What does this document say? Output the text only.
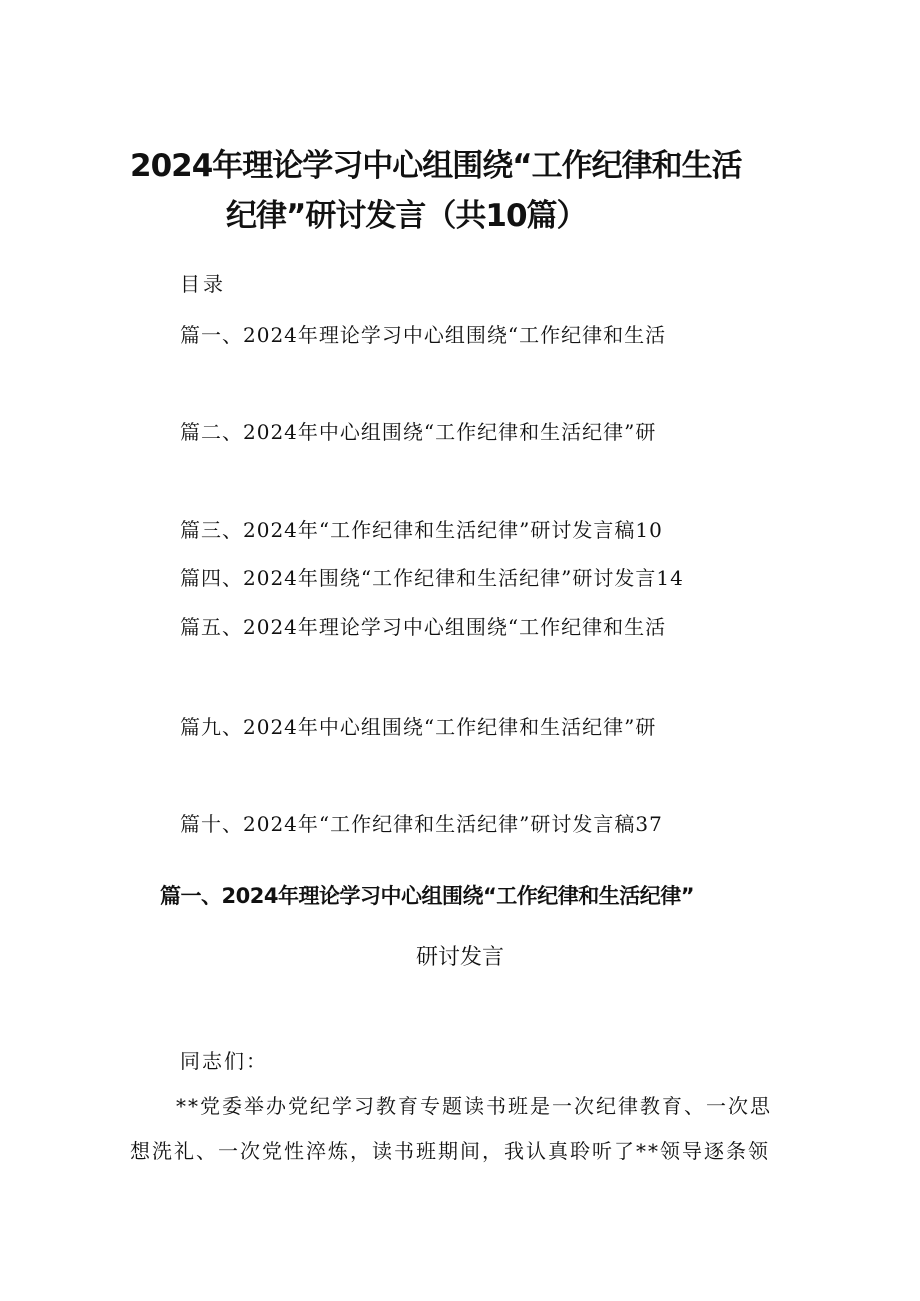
2024年理论学习中心组围绕“工作纪律和生活
纪律”研讨发言（共10篇）
目录
篇一、2024年理论学习中心组围绕“工作纪律和生活
篇二、2024年中心组围绕“工作纪律和生活纪律”研
篇三、2024年“工作纪律和生活纪律”研讨发言稿10
篇四、2024年围绕“工作纪律和生活纪律”研讨发言14
篇五、2024年理论学习中心组围绕“工作纪律和生活
篇九、2024年中心组围绕“工作纪律和生活纪律”研
篇十、2024年“工作纪律和生活纪律”研讨发言稿37
篇一、2024年理论学习中心组围绕“工作纪律和生活纪律”
研讨发言
同志们：
**党委举办党纪学习教育专题读书班是一次纪律教育、一次思
想洗礼、一次党性淬炼，读书班期间，我认真聆听了**领导逐条领
